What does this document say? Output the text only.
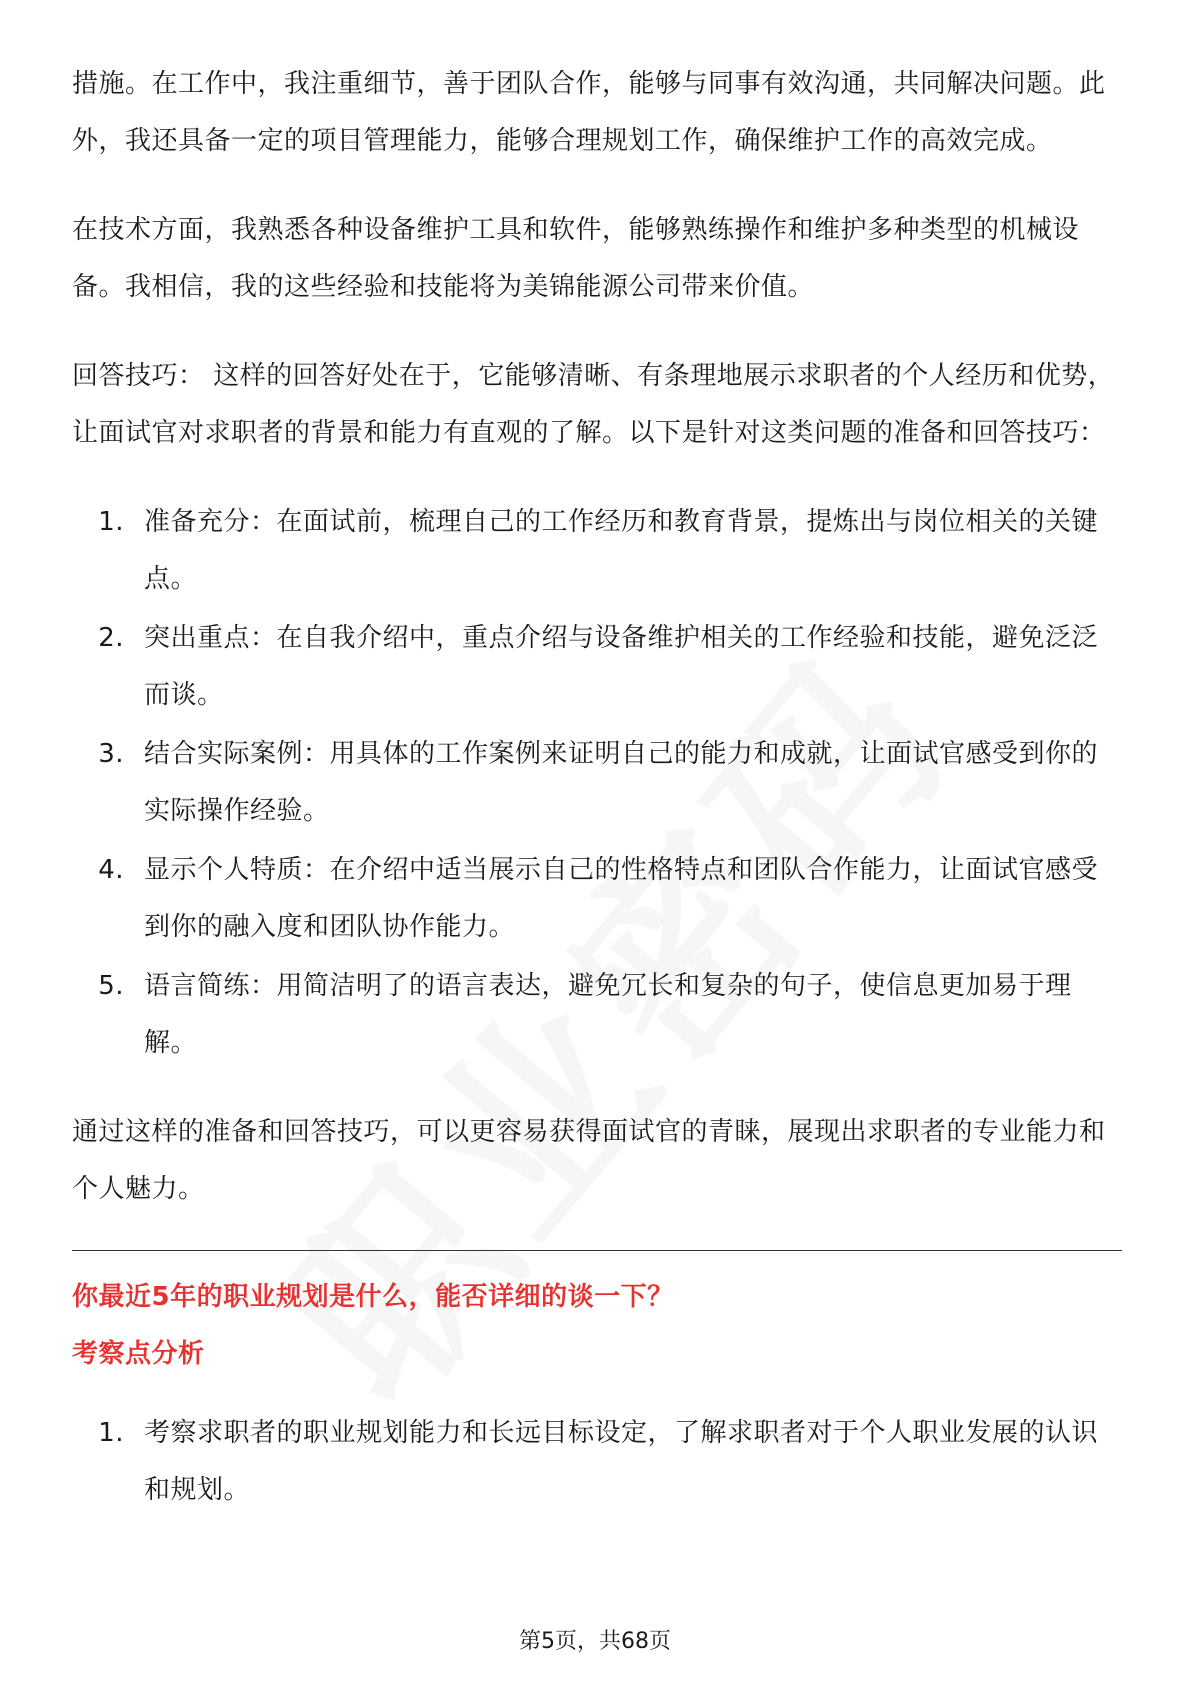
措施。在工作中，我注重细节，善于团队合作，能够与同事有效沟通，共同解决问题。此外，我还具备一定的项目管理能力，能够合理规划工作，确保维护工作的高效完成。

在技术方面，我熟悉各种设备维护工具和软件，能够熟练操作和维护多种类型的机械设备。我相信，我的这些经验和技能将为美锦能源公司带来价值。

回答技巧： 这样的回答好处在于，它能够清晰、有条理地展示求职者的个人经历和优势，让面试官对求职者的背景和能力有直观的了解。以下是针对这类问题的准备和回答技巧：

1. 准备充分：在面试前，梳理自己的工作经历和教育背景，提炼出与岗位相关的关键点。
2. 突出重点：在自我介绍中，重点介绍与设备维护相关的工作经验和技能，避免泛泛而谈。
3. 结合实际案例：用具体的工作案例来证明自己的能力和成就，让面试官感受到你的实际操作经验。
4. 显示个人特质：在介绍中适当展示自己的性格特点和团队合作能力，让面试官感受到你的融入度和团队协作能力。
5. 语言简练：用简洁明了的语言表达，避免冗长和复杂的句子，使信息更加易于理解。

通过这样的准备和回答技巧，可以更容易获得面试官的青睐，展现出求职者的专业能力和个人魅力。

你最近5年的职业规划是什么，能否详细的谈一下？
考察点分析
1. 考察求职者的职业规划能力和长远目标设定，了解求职者对于个人职业发展的认识和规划。
第5页，共68页
